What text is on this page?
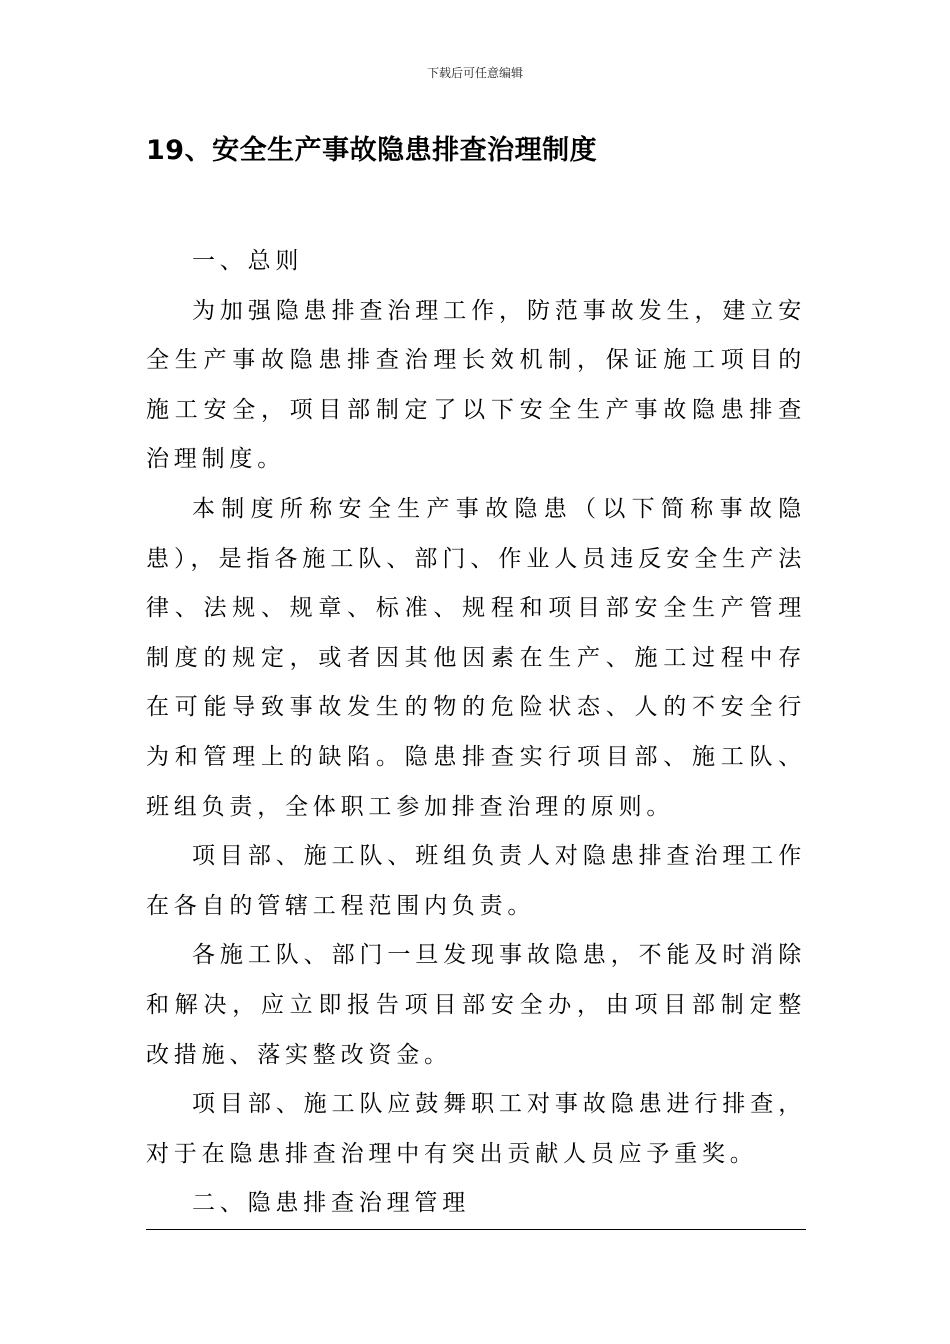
下载后可任意编辑
19、安全生产事故隐患排查治理制度

一、总则

为加强隐患排查治理工作，防范事故发生，建立安全生产事故隐患排查治理长效机制，保证施工项目的施工安全，项目部制定了以下安全生产事故隐患排查治理制度。

本制度所称安全生产事故隐患（以下简称事故隐患），是指各施工队、部门、作业人员违反安全生产法律、法规、规章、标准、规程和项目部安全生产管理制度的规定，或者因其他因素在生产、施工过程中存在可能导致事故发生的物的危险状态、人的不安全行为和管理上的缺陷。隐患排查实行项目部、施工队、班组负责，全体职工参加排查治理的原则。

项目部、施工队、班组负责人对隐患排查治理工作在各自的管辖工程范围内负责。

各施工队、部门一旦发现事故隐患，不能及时消除和解决，应立即报告项目部安全办，由项目部制定整改措施、落实整改资金。

项目部、施工队应鼓舞职工对事故隐患进行排查，对于在隐患排查治理中有突出贡献人员应予重奖。

二、隐患排查治理管理
